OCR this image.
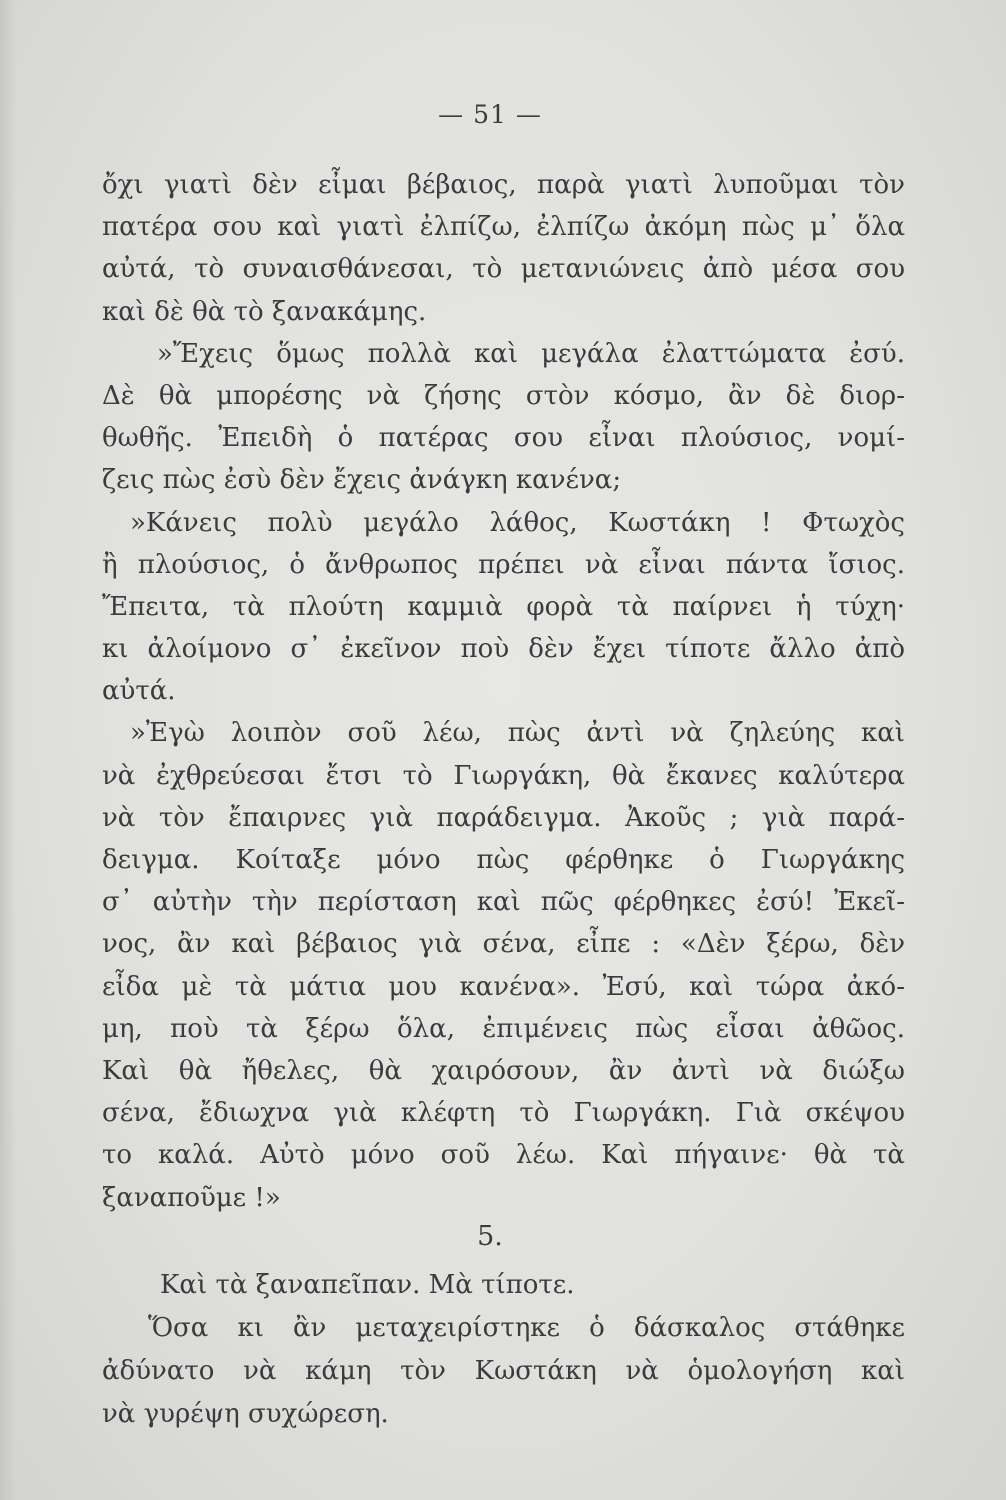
— 51 —
ὄχι γιατὶ δὲν εἶμαι βέβαιος, παρὰ γιατὶ λυποῦμαι τὸν
πατέρα σου καὶ γιατὶ ἐλπίζω, ἐλπίζω ἀκόμη πὼς μ᾽ ὅλα
αὐτά, τὸ συναισθάνεσαι, τὸ μετανιώνεις ἀπὸ μέσα σου
καὶ δὲ θὰ τὸ ξανακάμης.
»Ἔχεις ὅμως πολλὰ καὶ μεγάλα ἐλαττώματα ἐσύ.
Δὲ θὰ μπορέσης νὰ ζήσης στὸν κόσμο, ἂν δὲ διορ-
θωθῆς. Ἐπειδὴ ὁ πατέρας σου εἶναι πλούσιος, νομί-
ζεις πὼς ἐσὺ δὲν ἔχεις ἀνάγκη κανένα;
»Κάνεις πολὺ μεγάλο λάθος, Κωστάκη ! Φτωχὸς
ἢ πλούσιος, ὁ ἄνθρωπος πρέπει νὰ εἶναι πάντα ἴσιος.
Ἔπειτα, τὰ πλούτη καμμιὰ φορὰ τὰ παίρνει ἡ τύχη·
κι ἀλοίμονο σ᾽ ἐκεῖνον ποὺ δὲν ἔχει τίποτε ἄλλο ἀπὸ
αὐτά.
»Ἐγὼ λοιπὸν σοῦ λέω, πὼς ἀντὶ νὰ ζηλεύης καὶ
νὰ ἐχθρεύεσαι ἔτσι τὸ Γιωργάκη, θὰ ἔκανες καλύτερα
νὰ τὸν ἔπαιρνες γιὰ παράδειγμα. Ἀκοῦς ; γιὰ παρά-
δειγμα. Κοίταξε μόνο πὼς φέρθηκε ὁ Γιωργάκης
σ᾽ αὐτὴν τὴν περίσταση καὶ πῶς φέρθηκες ἐσύ! Ἐκεῖ-
νος, ἂν καὶ βέβαιος γιὰ σένα, εἶπε : «Δὲν ξέρω, δὲν
εἶδα μὲ τὰ μάτια μου κανένα». Ἐσύ, καὶ τώρα ἀκό-
μη, ποὺ τὰ ξέρω ὅλα, ἐπιμένεις πὼς εἶσαι ἀθῶος.
Καὶ θὰ ἤθελες, θὰ χαιρόσουν, ἂν ἀντὶ νὰ διώξω
σένα, ἔδιωχνα γιὰ κλέφτη τὸ Γιωργάκη. Γιὰ σκέψου
το καλά. Αὐτὸ μόνο σοῦ λέω. Καὶ πήγαινε· θὰ τὰ
ξαναποῦμε !»
5.
Καὶ τὰ ξαναπεῖπαν. Μὰ τίποτε.
Ὅσα κι ἂν μεταχειρίστηκε ὁ δάσκαλος στάθηκε
ἀδύνατο νὰ κάμη τὸν Κωστάκη νὰ ὁμολογήση καὶ
νὰ γυρέψη συχώρεση.
